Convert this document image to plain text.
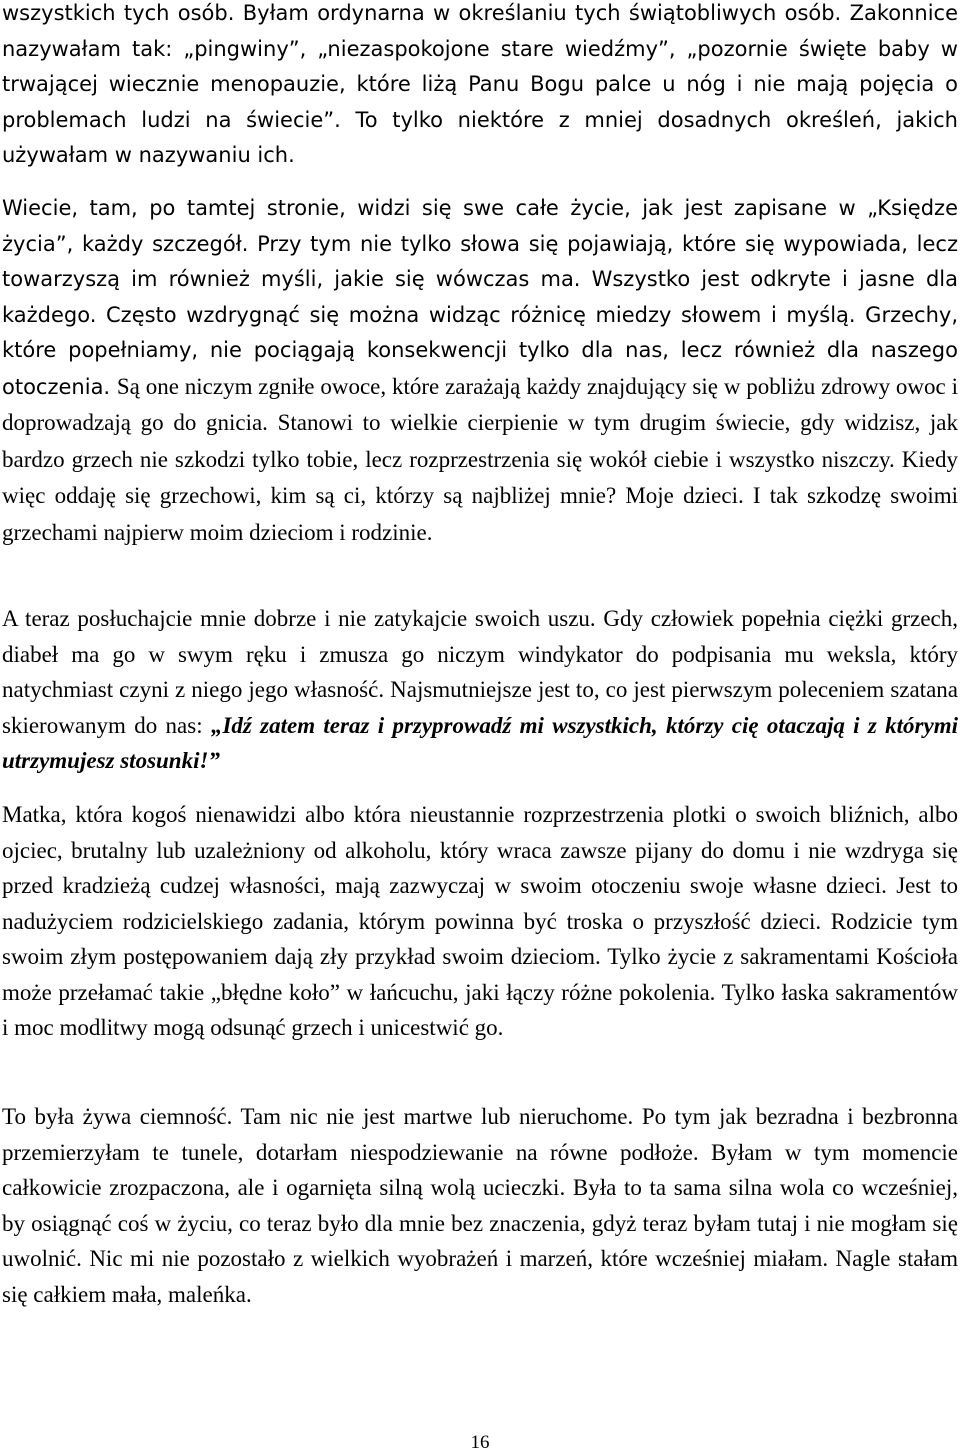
wszystkich tych osób. Byłam ordynarna w określaniu tych świątobliwych osób. Zakonnice nazywałam tak: „pingwiny”, „niezaspokojone stare wiedźmy”, „pozornie święte baby w trwającej wiecznie menopauzie, które liżą Panu Bogu palce u nóg i nie mają pojęcia o problemach ludzi na świecie”. To tylko niektóre z mniej dosadnych określeń, jakich używałam w nazywaniu ich.

Wiecie, tam, po tamtej stronie, widzi się swe całe życie, jak jest zapisane w „Księdze życia”, każdy szczegół. Przy tym nie tylko słowa się pojawiają, które się wypowiada, lecz towarzyszą im również myśli, jakie się wówczas ma. Wszystko jest odkryte i jasne dla każdego. Często wzdrygnąć się można widząc różnicę miedzy słowem i myślą. Grzechy, które popełniamy, nie pociągają konsekwencji tylko dla nas, lecz również dla naszego otoczenia. Są one niczym zgniłe owoce, które zarażają każdy znajdujący się w pobliżu zdrowy owoc i doprowadzają go do gnicia. Stanowi to wielkie cierpienie w tym drugim świecie, gdy widzisz, jak bardzo grzech nie szkodzi tylko tobie, lecz rozprzestrzenia się wokół ciebie i wszystko niszczy. Kiedy więc oddaję się grzechowi, kim są ci, którzy są najbliżej mnie? Moje dzieci. I tak szkodzę swoimi grzechami najpierw moim dzieciom i rodzinie.

A teraz posłuchajcie mnie dobrze i nie zatykajcie swoich uszu. Gdy człowiek popełnia ciężki grzech, diabeł ma go w swym ręku i zmusza go niczym windykator do podpisania mu weksla, który natychmiast czyni z niego jego własność. Najsmutniejsze jest to, co jest pierwszym poleceniem szatana skierowanym do nas: „Idź zatem teraz i przyprowadź mi wszystkich, którzy cię otaczają i z którymi utrzymujesz stosunki!”

Matka, która kogoś nienawidzi albo która nieustannie rozprzestrzenia plotki o swoich bliźnich, albo ojciec, brutalny lub uzależniony od alkoholu, który wraca zawsze pijany do domu i nie wzdryga się przed kradzieżą cudzej własności, mają zazwyczaj w swoim otoczeniu swoje własne dzieci. Jest to nadużyciem rodzicielskiego zadania, którym powinna być troska o przyszłość dzieci. Rodzicie tym swoim złym postępowaniem dają zły przykład swoim dzieciom. Tylko życie z sakramentami Kościoła może przełamać takie „błędne koło” w łańcuchu, jaki łączy różne pokolenia. Tylko łaska sakramentów i moc modlitwy mogą odsunąć grzech i unicestwić go.

To była żywa ciemność. Tam nic nie jest martwe lub nieruchome. Po tym jak bezradna i bezbronna przemierzyłam te tunele, dotarłam niespodziewanie na równe podłoże. Byłam w tym momencie całkowicie zrozpaczona, ale i ogarnięta silną wolą ucieczki. Była to ta sama silna wola co wcześniej, by osiągnąć coś w życiu, co teraz było dla mnie bez znaczenia, gdyż teraz byłam tutaj i nie mogłam się uwolnić. Nic mi nie pozostało z wielkich wyobrażeń i marzeń, które wcześniej miałam. Nagle stałam się całkiem mała, maleńka.

16
